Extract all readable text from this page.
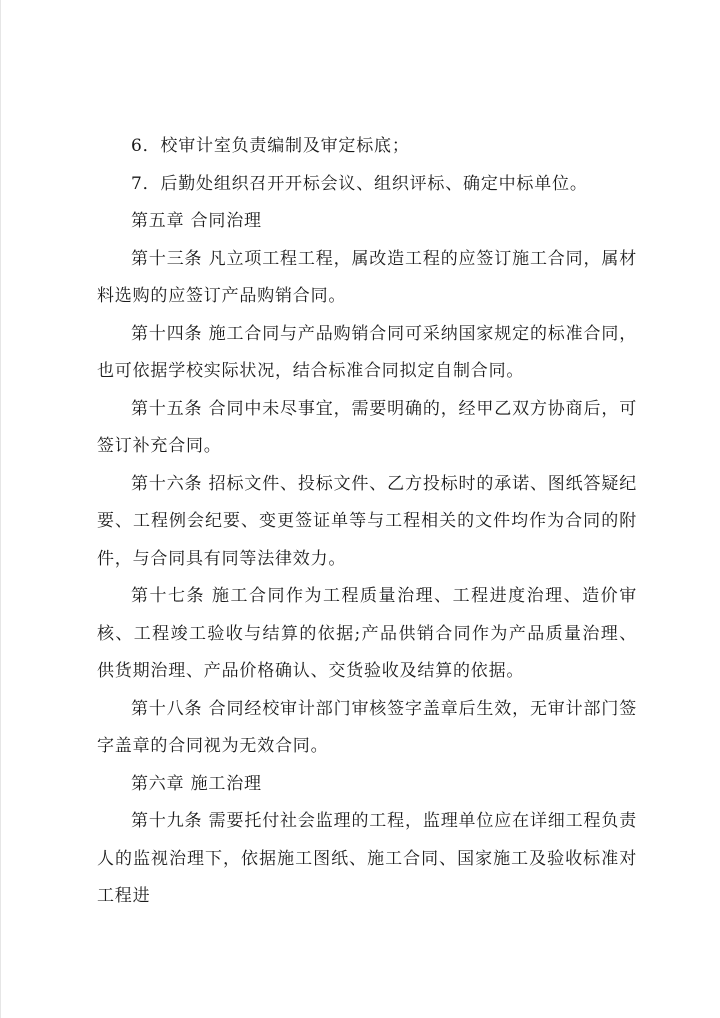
6．校审计室负责编制及审定标底；

7．后勤处组织召开开标会议、组织评标、确定中标单位。

第五章 合同治理

第十三条 凡立项工程工程，属改造工程的应签订施工合同，属材料选购的应签订产品购销合同。

第十四条 施工合同与产品购销合同可采纳国家规定的标准合同，也可依据学校实际状况，结合标准合同拟定自制合同。

第十五条 合同中未尽事宜，需要明确的，经甲乙双方协商后，可签订补充合同。

第十六条 招标文件、投标文件、乙方投标时的承诺、图纸答疑纪要、工程例会纪要、变更签证单等与工程相关的文件均作为合同的附件，与合同具有同等法律效力。

第十七条 施工合同作为工程质量治理、工程进度治理、造价审核、工程竣工验收与结算的依据;产品供销合同作为产品质量治理、供货期治理、产品价格确认、交货验收及结算的依据。

第十八条 合同经校审计部门审核签字盖章后生效，无审计部门签字盖章的合同视为无效合同。

第六章 施工治理

第十九条 需要托付社会监理的工程，监理单位应在详细工程负责人的监视治理下，依据施工图纸、施工合同、国家施工及验收标准对工程进
